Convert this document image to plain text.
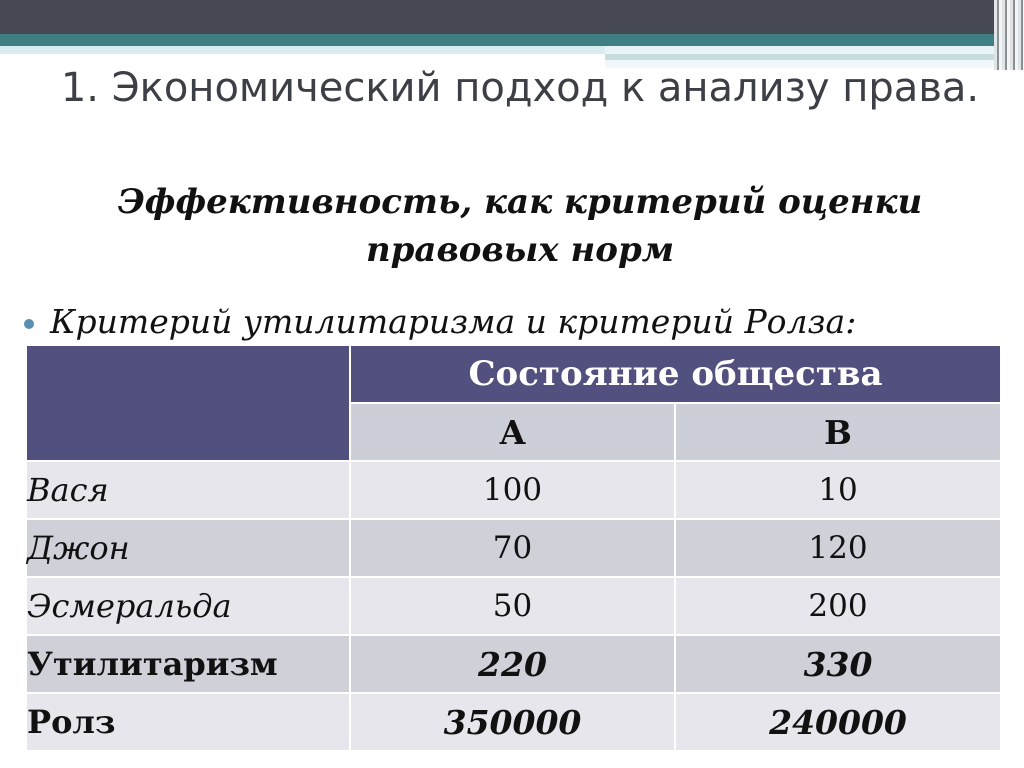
1. Экономический подход к анализу права.
Эффективность, как критерий оценки правовых норм
Критерий утилитаризма и критерий Ролза:
	Состояние общества	
	A	B
Вася	100	10
Джон	70	120
Эсмеральда	50	200
Утилитаризм	220	330
Ролз	350000	240000
